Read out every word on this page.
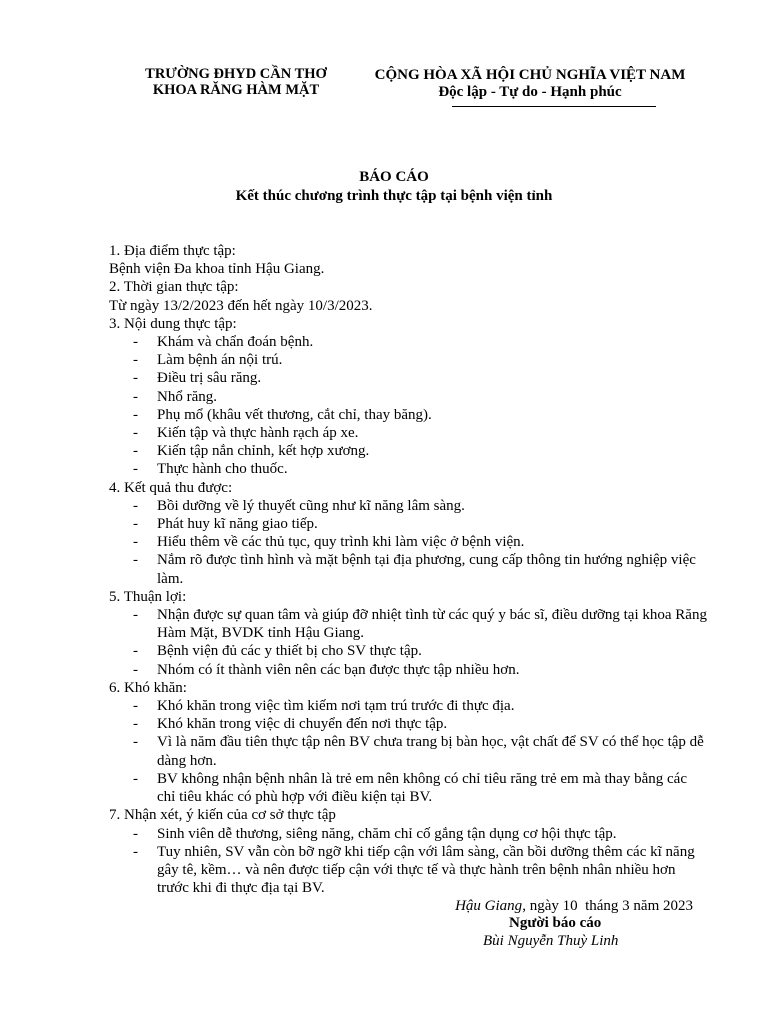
TRƯỜNG ĐHYD CẦN THƠ
KHOA RĂNG HÀM MẶT
CỘNG HÒA XÃ HỘI CHỦ NGHĨA VIỆT NAM
Độc lập - Tự do - Hạnh phúc
BÁO CÁO
Kết thúc chương trình thực tập tại bệnh viện tỉnh

1. Địa điểm thực tập:

Bệnh viện Đa khoa tỉnh Hậu Giang.

2. Thời gian thực tập:

Từ ngày 13/2/2023 đến hết ngày 10/3/2023.

3. Nội dung thực tập:

- Khám và chẩn đoán bệnh.
- Làm bệnh án nội trú.
- Điều trị sâu răng.
- Nhổ răng.
- Phụ mổ (khâu vết thương, cắt chỉ, thay băng).
- Kiến tập và thực hành rạch áp xe.
- Kiến tập nắn chỉnh, kết hợp xương.
- Thực hành cho thuốc.

4. Kết quả thu được:

- Bồi dưỡng về lý thuyết cũng như kĩ năng lâm sàng.
- Phát huy kĩ năng giao tiếp.
- Hiểu thêm về các thủ tục, quy trình khi làm việc ở bệnh viện.
- Nắm rõ được tình hình và mặt bệnh tại địa phương, cung cấp thông tin hướng nghiệp việc làm.

5. Thuận lợi:

- Nhận được sự quan tâm và giúp đỡ nhiệt tình từ các quý y bác sĩ, điều dưỡng tại khoa Răng Hàm Mặt, BVDK tỉnh Hậu Giang.
- Bệnh viện đủ các y thiết bị cho SV thực tập.
- Nhóm có ít thành viên nên các bạn được thực tập nhiều hơn.

6. Khó khăn:

- Khó khăn trong việc tìm kiếm nơi tạm trú trước đi thực địa.
- Khó khăn trong việc di chuyển đến nơi thực tập.
- Vì là năm đầu tiên thực tập nên BV chưa trang bị bàn học, vật chất để SV có thể học tập dễ dàng hơn.
- BV không nhận bệnh nhân là trẻ em nên không có chỉ tiêu răng trẻ em mà thay bằng các chỉ tiêu khác có phù hợp với điều kiện tại BV.

7. Nhận xét, ý kiến của cơ sở thực tập

- Sinh viên dễ thương, siêng năng, chăm chỉ cố gắng tận dụng cơ hội thực tập.
- Tuy nhiên, SV vẫn còn bỡ ngỡ khi tiếp cận với lâm sàng, cần bồi dưỡng thêm các kĩ năng gây tê, kềm… và nên được tiếp cận với thực tế và thực hành trên bệnh nhân nhiều hơn trước khi đi thực địa tại BV.
Hậu Giang, ngày 10  tháng 3 năm 2023
Người báo cáo
Bùi Nguyễn Thuỳ Linh
